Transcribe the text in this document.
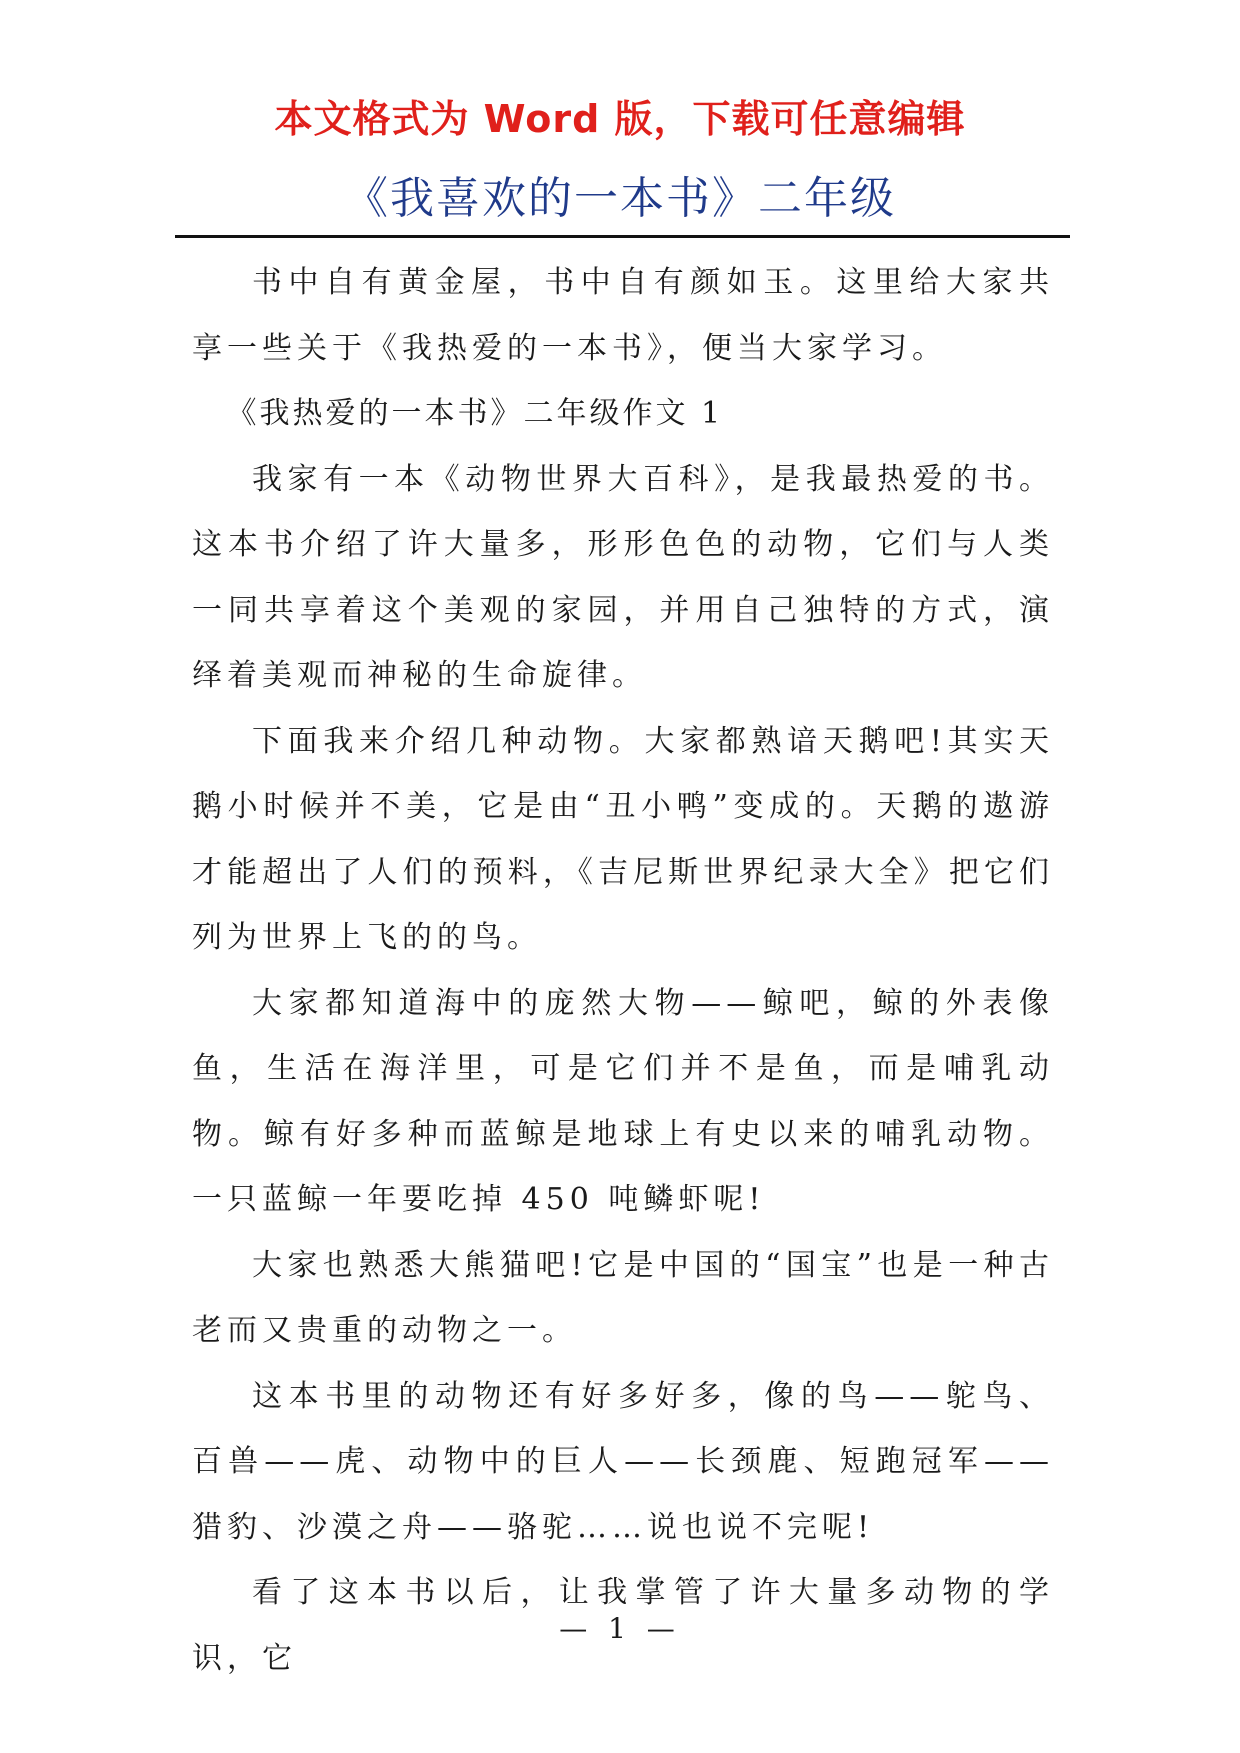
本文格式为 Word 版，下载可任意编辑
《我喜欢的一本书》二年级

书中自有黄金屋，书中自有颜如玉。这里给大家共享一些关于《我热爱的一本书》，便当大家学习。

《我热爱的一本书》二年级作文 1

我家有一本《动物世界大百科》，是我最热爱的书。这本书介绍了许大量多，形形色色的动物，它们与人类一同共享着这个美观的家园，并用自己独特的方式，演绎着美观而神秘的生命旋律。

下面我来介绍几种动物。大家都熟谙天鹅吧!其实天鹅小时候并不美，它是由“丑小鸭”变成的。天鹅的遨游才能超出了人们的预料，《吉尼斯世界纪录大全》把它们列为世界上飞的的鸟。

大家都知道海中的庞然大物——鲸吧，鲸的外表像鱼，生活在海洋里，可是它们并不是鱼，而是哺乳动物。鲸有好多种而蓝鲸是地球上有史以来的哺乳动物。一只蓝鲸一年要吃掉 450 吨鳞虾呢!

大家也熟悉大熊猫吧!它是中国的“国宝”也是一种古老而又贵重的动物之一。

这本书里的动物还有好多好多，像的鸟——鸵鸟、百兽——虎、动物中的巨人——长颈鹿、短跑冠军——猎豹、沙漠之舟——骆驼……说也说不完呢!

看了这本书以后，让我掌管了许大量多动物的学识，它

— 1 —
